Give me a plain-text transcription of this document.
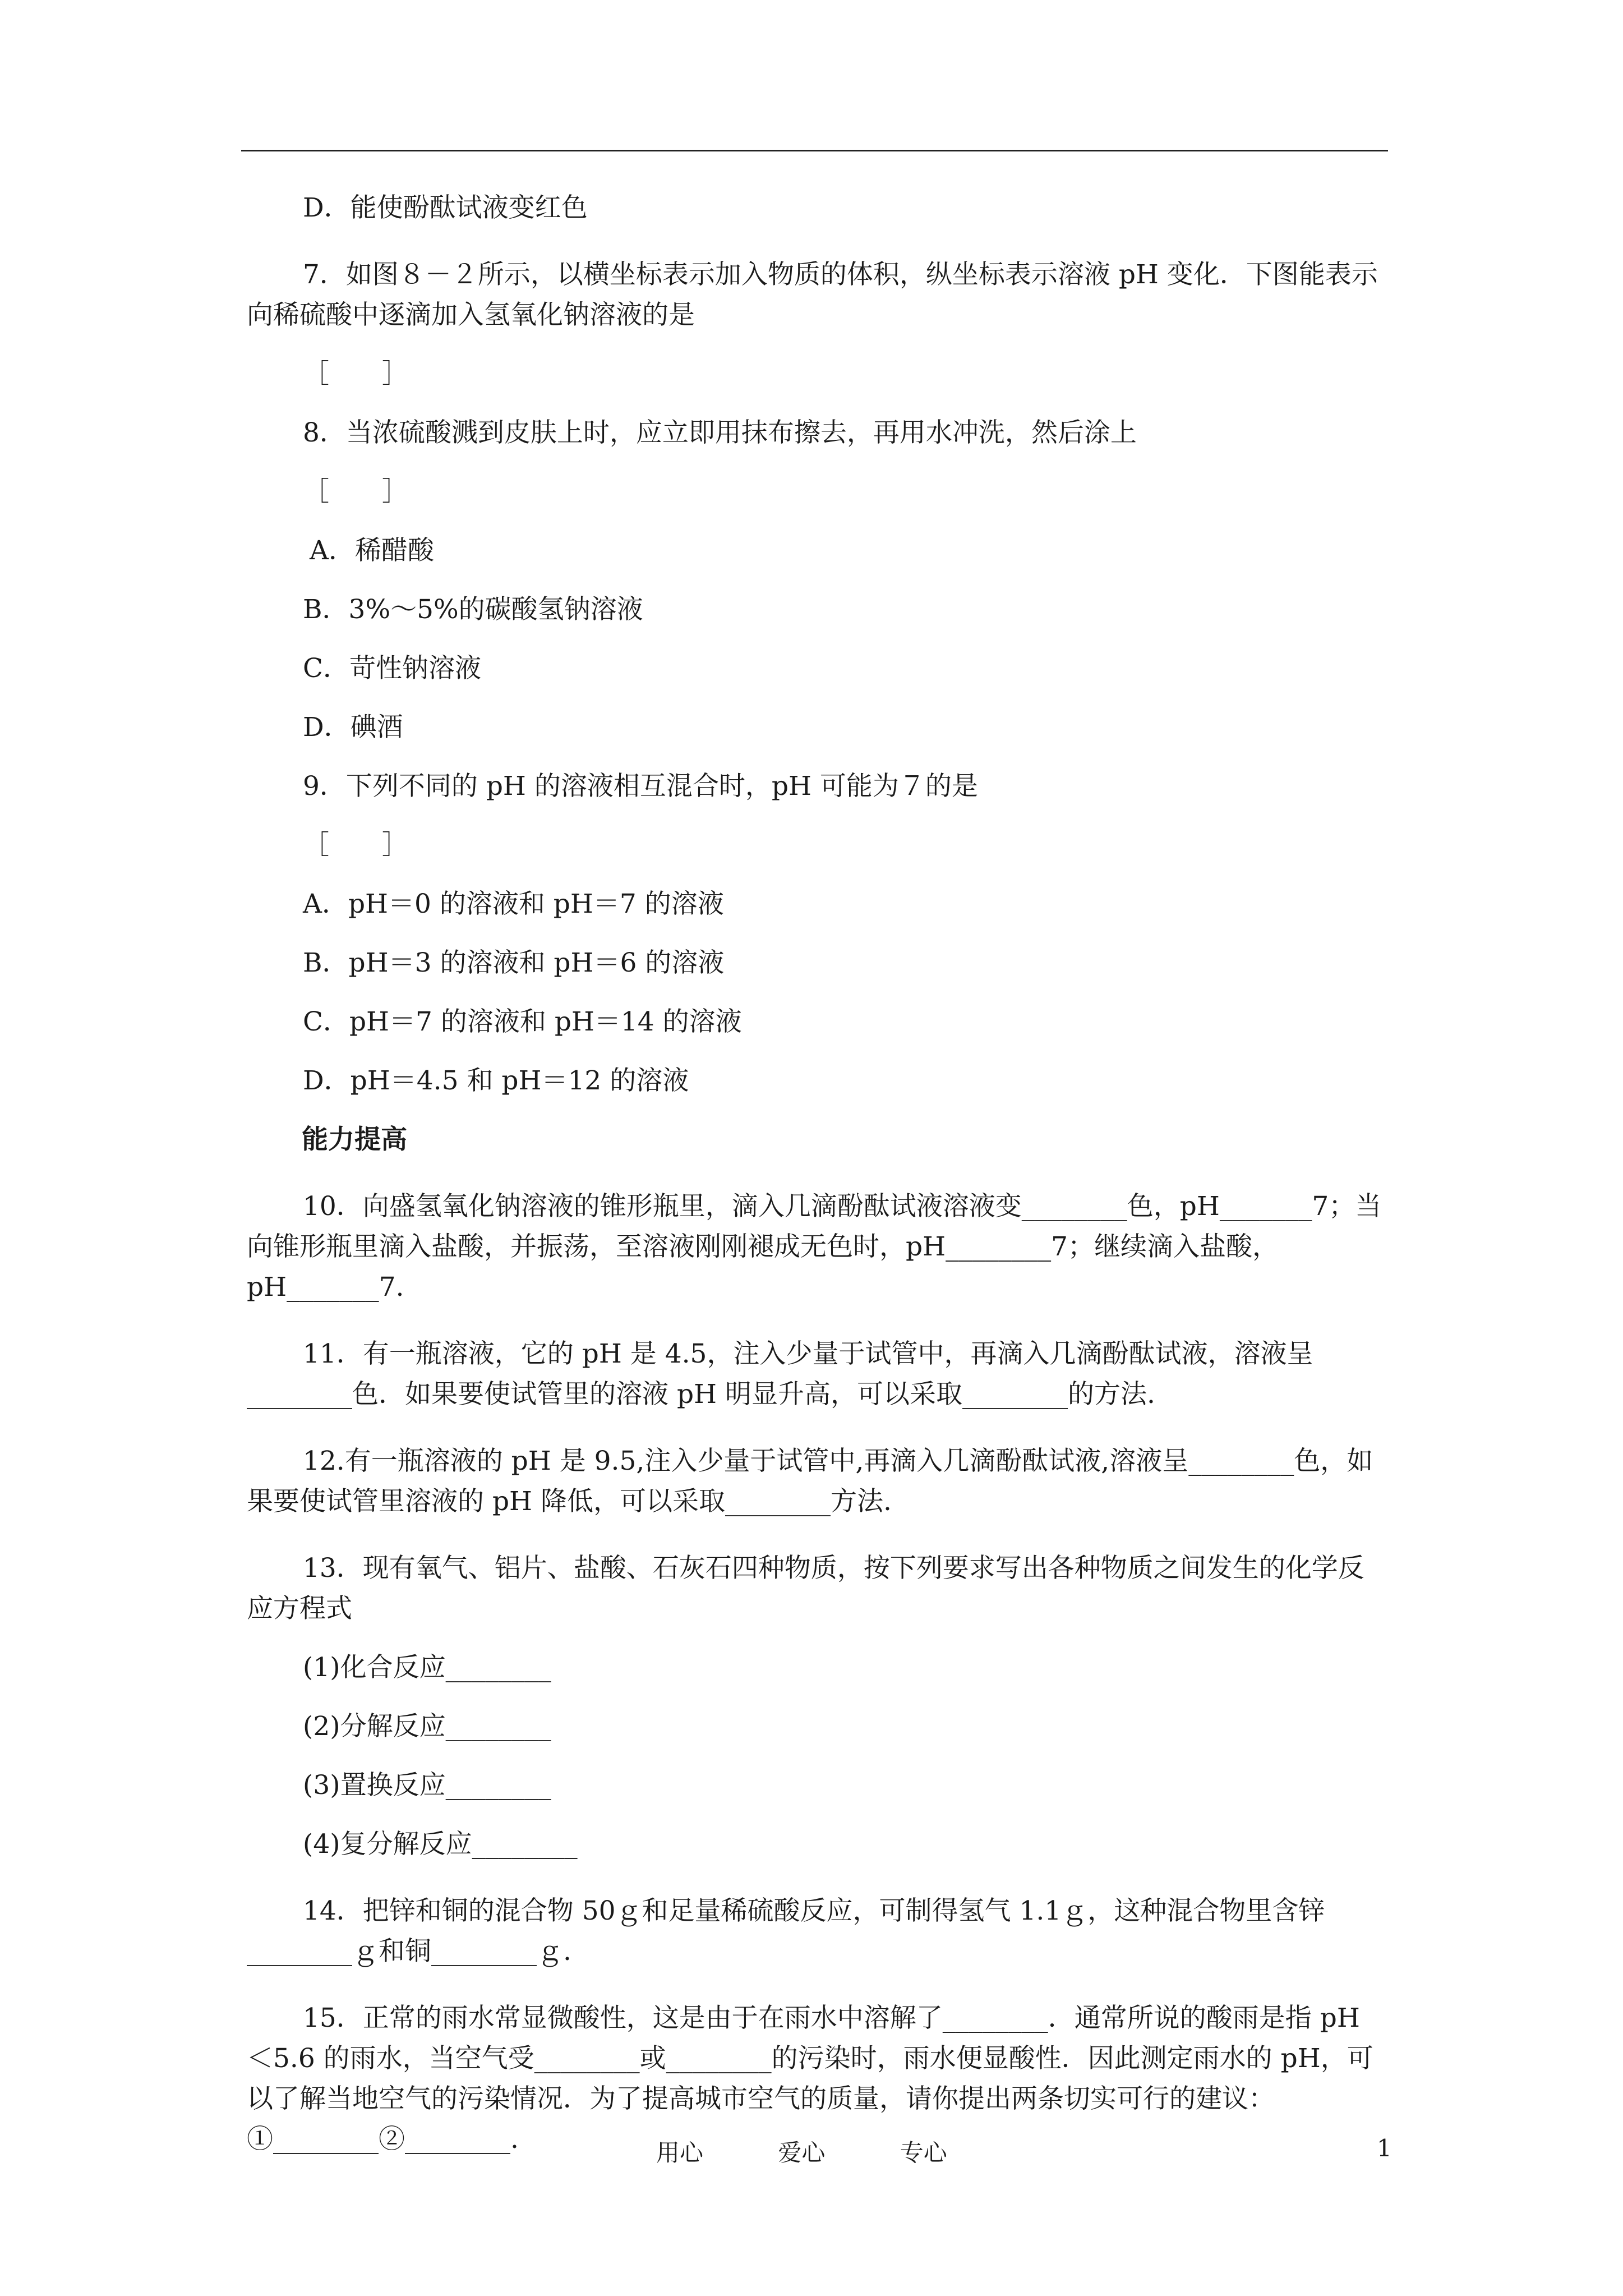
D．能使酚酞试液变红色

7．如图８－２所示，以横坐标表示加入物质的体积，纵坐标表示溶液 pH 变化．下图能表示向稀硫酸中逐滴加入氢氧化钠溶液的是

［　　］

8．当浓硫酸溅到皮肤上时，应立即用抹布擦去，再用水冲洗，然后涂上

［　　］

A．稀醋酸

B．3%～5%的碳酸氢钠溶液

C．苛性钠溶液

D．碘酒

9．下列不同的 pH 的溶液相互混合时，pH 可能为７的是

［　　］

A．pH＝0 的溶液和 pH＝7 的溶液

B．pH＝3 的溶液和 pH＝6 的溶液

C．pH＝7 的溶液和 pH＝14 的溶液

D．pH＝4.5 和 pH＝12 的溶液

能力提高

10．向盛氢氧化钠溶液的锥形瓶里，滴入几滴酚酞试液溶液变________色，pH_______7；当向锥形瓶里滴入盐酸，并振荡，至溶液刚刚褪成无色时，pH________7；继续滴入盐酸，pH_______7.

11．有一瓶溶液，它的 pH 是 4.5，注入少量于试管中，再滴入几滴酚酞试液，溶液呈________色．如果要使试管里的溶液 pH 明显升高，可以采取________的方法.

12.有一瓶溶液的 pH 是 9.5,注入少量于试管中,再滴入几滴酚酞试液,溶液呈________色，如果要使试管里溶液的 pH 降低，可以采取________方法.

13．现有氧气、铝片、盐酸、石灰石四种物质，按下列要求写出各种物质之间发生的化学反应方程式

(1)化合反应________

(2)分解反应________

(3)置换反应________

(4)复分解反应________

14．把锌和铜的混合物 50ｇ和足量稀硫酸反应，可制得氢气 1.1ｇ，这种混合物里含锌________ｇ和铜________ｇ.

15．正常的雨水常显微酸性，这是由于在雨水中溶解了________．通常所说的酸雨是指 pH＜5.6 的雨水，当空气受________或________的污染时，雨水便显酸性．因此测定雨水的 pH，可以了解当地空气的污染情况．为了提高城市空气的质量，请你提出两条切实可行的建议：①________②________.	用心	爱心	专心	1
